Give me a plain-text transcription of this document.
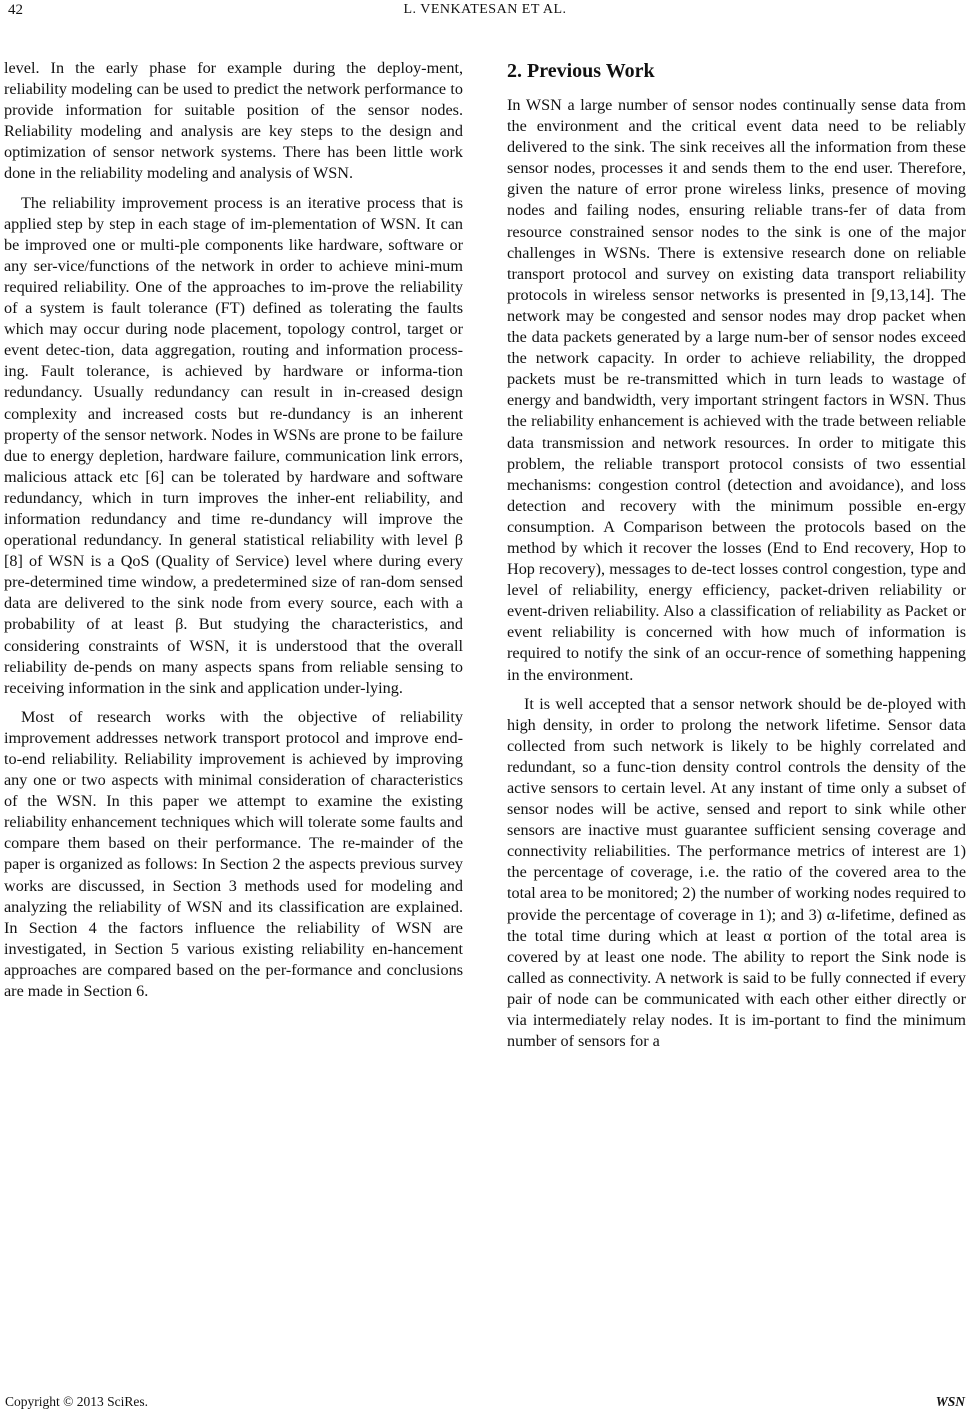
42	L. VENKATESAN ET AL.

level. In the early phase for example during the deploy-ment, reliability modeling can be used to predict the network performance to provide information for suitable position of the sensor nodes. Reliability modeling and analysis are key steps to the design and optimization of sensor network systems. There has been little work done in the reliability modeling and analysis of WSN.

The reliability improvement process is an iterative process that is applied step by step in each stage of im-plementation of WSN. It can be improved one or multi-ple components like hardware, software or any ser-vice/functions of the network in order to achieve mini-mum required reliability. One of the approaches to im-prove the reliability of a system is fault tolerance (FT) defined as tolerating the faults which may occur during node placement, topology control, target or event detec-tion, data aggregation, routing and information process-ing. Fault tolerance, is achieved by hardware or informa-tion redundancy. Usually redundancy can result in in-creased design complexity and increased costs but re-dundancy is an inherent property of the sensor network. Nodes in WSNs are prone to be failure due to energy depletion, hardware failure, communication link errors, malicious attack etc [6] can be tolerated by hardware and software redundancy, which in turn improves the inher-ent reliability, and information redundancy and time re-dundancy will improve the operational redundancy. In general statistical reliability with level β [8] of WSN is a QoS (Quality of Service) level where during every pre-determined time window, a predetermined size of ran-dom sensed data are delivered to the sink node from every source, each with a probability of at least β. But studying the characteristics, and considering constraints of WSN, it is understood that the overall reliability de-pends on many aspects spans from reliable sensing to receiving information in the sink and application under-lying.

Most of research works with the objective of reliability improvement addresses network transport protocol and improve end-to-end reliability. Reliability improvement is achieved by improving any one or two aspects with minimal consideration of characteristics of the WSN. In this paper we attempt to examine the existing reliability enhancement techniques which will tolerate some faults and compare them based on their performance. The re-mainder of the paper is organized as follows: In Section 2 the aspects previous survey works are discussed, in Section 3 methods used for modeling and analyzing the reliability of WSN and its classification are explained. In Section 4 the factors influence the reliability of WSN are investigated, in Section 5 various existing reliability en-hancement approaches are compared based on the per-formance and conclusions are made in Section 6.

2. Previous Work

In WSN a large number of sensor nodes continually sense data from the environment and the critical event data need to be reliably delivered to the sink. The sink receives all the information from these sensor nodes, processes it and sends them to the end user. Therefore, given the nature of error prone wireless links, presence of moving nodes and failing nodes, ensuring reliable trans-fer of data from resource constrained sensor nodes to the sink is one of the major challenges in WSNs. There is extensive research done on reliable transport protocol and survey on existing data transport reliability protocols in wireless sensor networks is presented in [9,13,14]. The network may be congested and sensor nodes may drop packet when the data packets generated by a large num-ber of sensor nodes exceed the network capacity. In order to achieve reliability, the dropped packets must be re-transmitted which in turn leads to wastage of energy and bandwidth, very important stringent factors in WSN. Thus the reliability enhancement is achieved with the trade between reliable data transmission and network resources. In order to mitigate this problem, the reliable transport protocol consists of two essential mechanisms: congestion control (detection and avoidance), and loss detection and recovery with the minimum possible en-ergy consumption. A Comparison between the protocols based on the method by which it recover the losses (End to End recovery, Hop to Hop recovery), messages to de-tect losses control congestion, type and level of reliability, energy efficiency, packet-driven reliability or event-driven reliability. Also a classification of reliability as Packet or event reliability is concerned with how much of information is required to notify the sink of an occur-rence of something happening in the environment.

It is well accepted that a sensor network should be de-ployed with high density, in order to prolong the network lifetime. Sensor data collected from such network is likely to be highly correlated and redundant, so a func-tion density control controls the density of the active sensors to certain level. At any instant of time only a subset of sensor nodes will be active, sensed and report to sink while other sensors are inactive must guarantee sufficient sensing coverage and connectivity reliabilities. The performance metrics of interest are 1) the percentage of coverage, i.e. the ratio of the covered area to the total area to be monitored; 2) the number of working nodes required to provide the percentage of coverage in 1); and 3) α-lifetime, defined as the total time during which at least α portion of the total area is covered by at least one node. The ability to report the Sink node is called as connectivity. A network is said to be fully connected if every pair of node can be communicated with each other either directly or via intermediately relay nodes. It is im-portant to find the minimum number of sensors for a

Copyright © 2013 SciRes.	WSN
